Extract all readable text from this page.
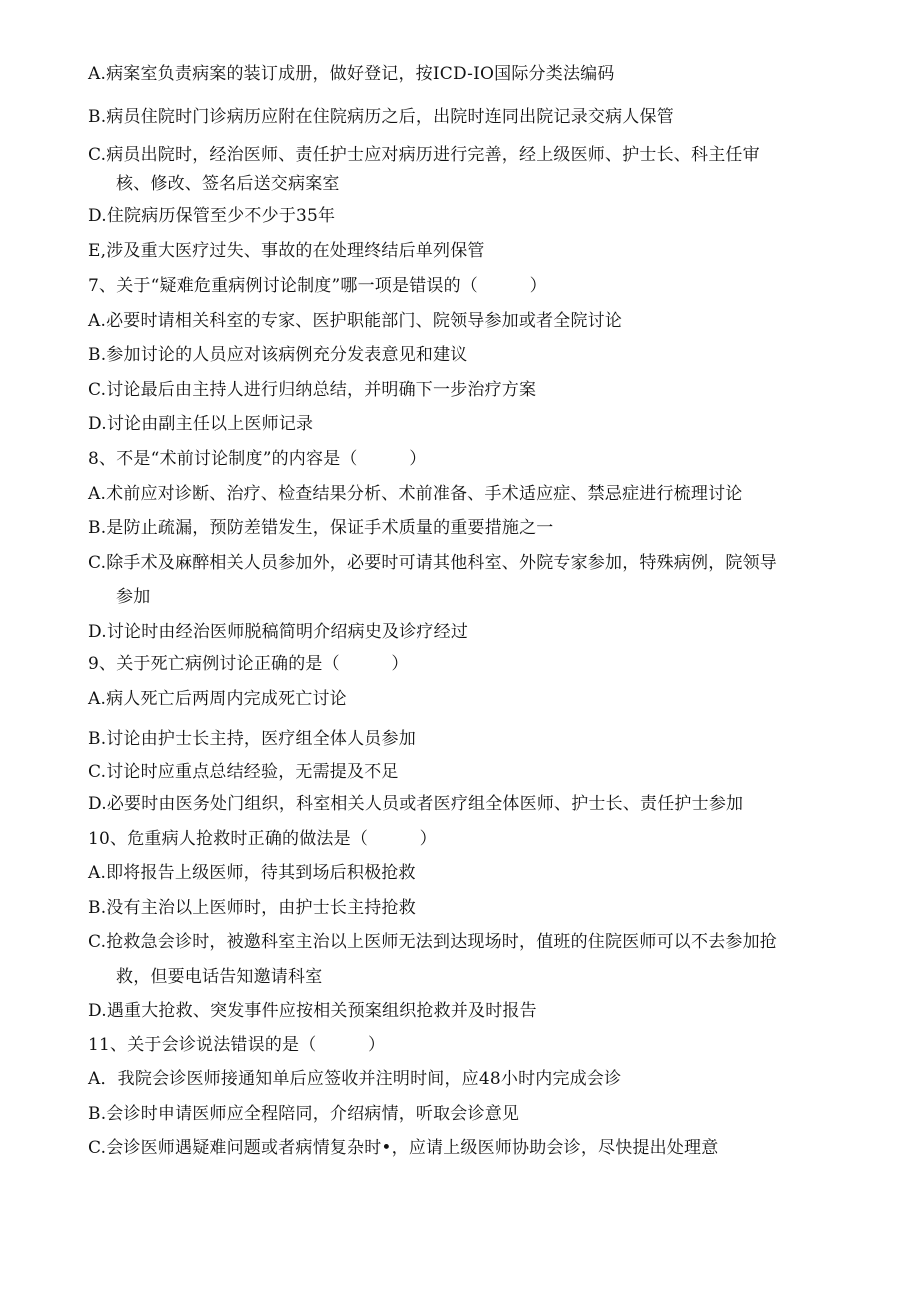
A.病案室负责病案的装订成册，做好登记，按ICD-IO国际分类法编码
B.病员住院时门诊病历应附在住院病历之后，出院时连同出院记录交病人保管
C.病员出院时，经治医师、责任护士应对病历进行完善，经上级医师、护士长、科主任审
核、修改、签名后送交病案室
D.住院病历保管至少不少于35年
E,涉及重大医疗过失、事故的在处理终结后单列保管
7、关于“疑难危重病例讨论制度”哪一项是错误的（　　　）
A.必要时请相关科室的专家、医护职能部门、院领导参加或者全院讨论
B.参加讨论的人员应对该病例充分发表意见和建议
C.讨论最后由主持人进行归纳总结，并明确下一步治疗方案
D.讨论由副主任以上医师记录
8、不是“术前讨论制度”的内容是（　　　）
A.术前应对诊断、治疗、检查结果分析、术前准备、手术适应症、禁忌症进行梳理讨论
B.是防止疏漏，预防差错发生，保证手术质量的重要措施之一
C.除手术及麻醉相关人员参加外，必要时可请其他科室、外院专家参加，特殊病例，院领导
参加
D.讨论时由经治医师脱稿简明介绍病史及诊疗经过
9、关于死亡病例讨论正确的是（　　　）
A.病人死亡后两周内完成死亡讨论
B.讨论由护士长主持，医疗组全体人员参加
C.讨论时应重点总结经验，无需提及不足
D.必要时由医务处门组织，科室相关人员或者医疗组全体医师、护士长、责任护士参加
10、危重病人抢救时正确的做法是（　　　）
A.即将报告上级医师，待其到场后积极抢救
B.没有主治以上医师时，由护士长主持抢救
C.抢救急会诊时，被邀科室主治以上医师无法到达现场时，值班的住院医师可以不去参加抢
救，但要电话告知邀请科室
D.遇重大抢救、突发事件应按相关预案组织抢救并及时报告
11、关于会诊说法错误的是（　　　）
A．我院会诊医师接通知单后应签收并注明时间，应48小时内完成会诊
B.会诊时申请医师应全程陪同，介绍病情，听取会诊意见
C.会诊医师遇疑难问题或者病情复杂时•，应请上级医师协助会诊，尽快提出处理意
